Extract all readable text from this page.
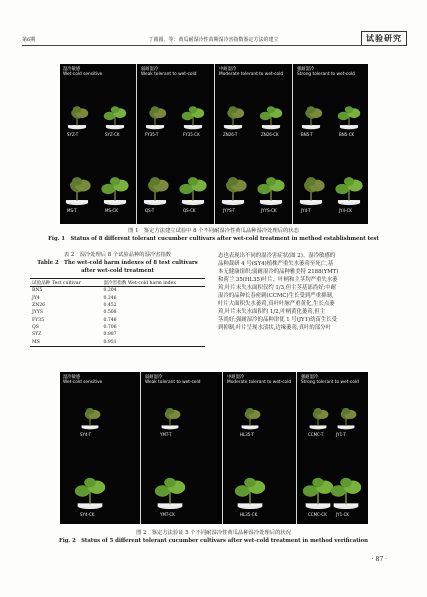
第6期	丁圆圆，等：黄瓜耐湿冷性苗期湿冷害指数鉴定方法的建立	试验研究
湿冷敏感
Wet-cold sensitive
弱耐湿冷
Weak tolerant to wet-cold
中耐湿冷
Moderate tolerant to wet-cold
强耐湿冷
Strong tolerant to wet-cold
SYZ-T	SYZ-CK	FY35-T	FY35-CK	ZN26-T	ZN26-CK	BN5-T	BN5-CK
MS-T	MS-CK	QS-T	QS-CK	JYYS-T	JYYS-CK	JY4-T	JY4-CK
图 1　鉴定方法建立试验中 8 个不同耐湿冷性黄瓜品种湿冷处理后的状态
Fig. 1　Status of 8 different tolerant cucumber cultivars after wet-cold treatment in method establishment test
表 2　湿冷处理后 8 个试验品种的湿冷害指数
Table 2　The wet-cold harm indexes of 8 test cultivars
after wet-cold treatment
试验品种 Test cultivar	湿冷害指数 Wet-cold harm index
BN5	0.204
JY4	0.246
ZN26	0.452
JYYS	0.508
FY35	0.748
QS	0.706
SYZ	0.987
MS	0.951
态也表现出不同的湿冷害症状(图 2)。湿冷敏感的
品种裁研 4 号(SY4)植株严重失水萎蔫至死亡,基
本无健康组织;弱耐湿冷的品种雅美特 2188(YMT)
和荷兰 35(HL35)叶片、叶柄和主茎均严重失水萎
蔫,叶片未失水面积仅约 1/3,但主茎基部尚好;中耐
湿冷的品种长春密刺(CCMC)生长受到严重抑制,
叶片大面积失水萎蔫,真叶叶脉严重黄化,生长点萎
蔫,叶片未失水面积约 1/2,叶柄黄化萎蔫,但主
茎尚好;强耐湿冷的品种津优 1 号(JY1)幼苗生长受
到抑制,叶片呈现水渍状,边缘萎蔫,真叶的部分叶
湿冷敏感
Wet-cold sensitive
弱耐湿冷
Weak tolerant to wet-cold
中耐湿冷
Moderate tolerant to wet-cold
强耐湿冷
Strong tolerant to wet-cold
SY4-T	YMT-T	HL35-T	CCMC-T	JY1-T
SY4-CK	YMT-CK	HL35-CK	CCMC-CK JY1-CK
图 2　鉴定方法验证 5 个不同耐湿冷性黄瓜品种湿冷处理后的状况
Fig. 2　Status of 5 different tolerant cucumber cultivars after wet-cold treatment in method verification
· 87 ·
